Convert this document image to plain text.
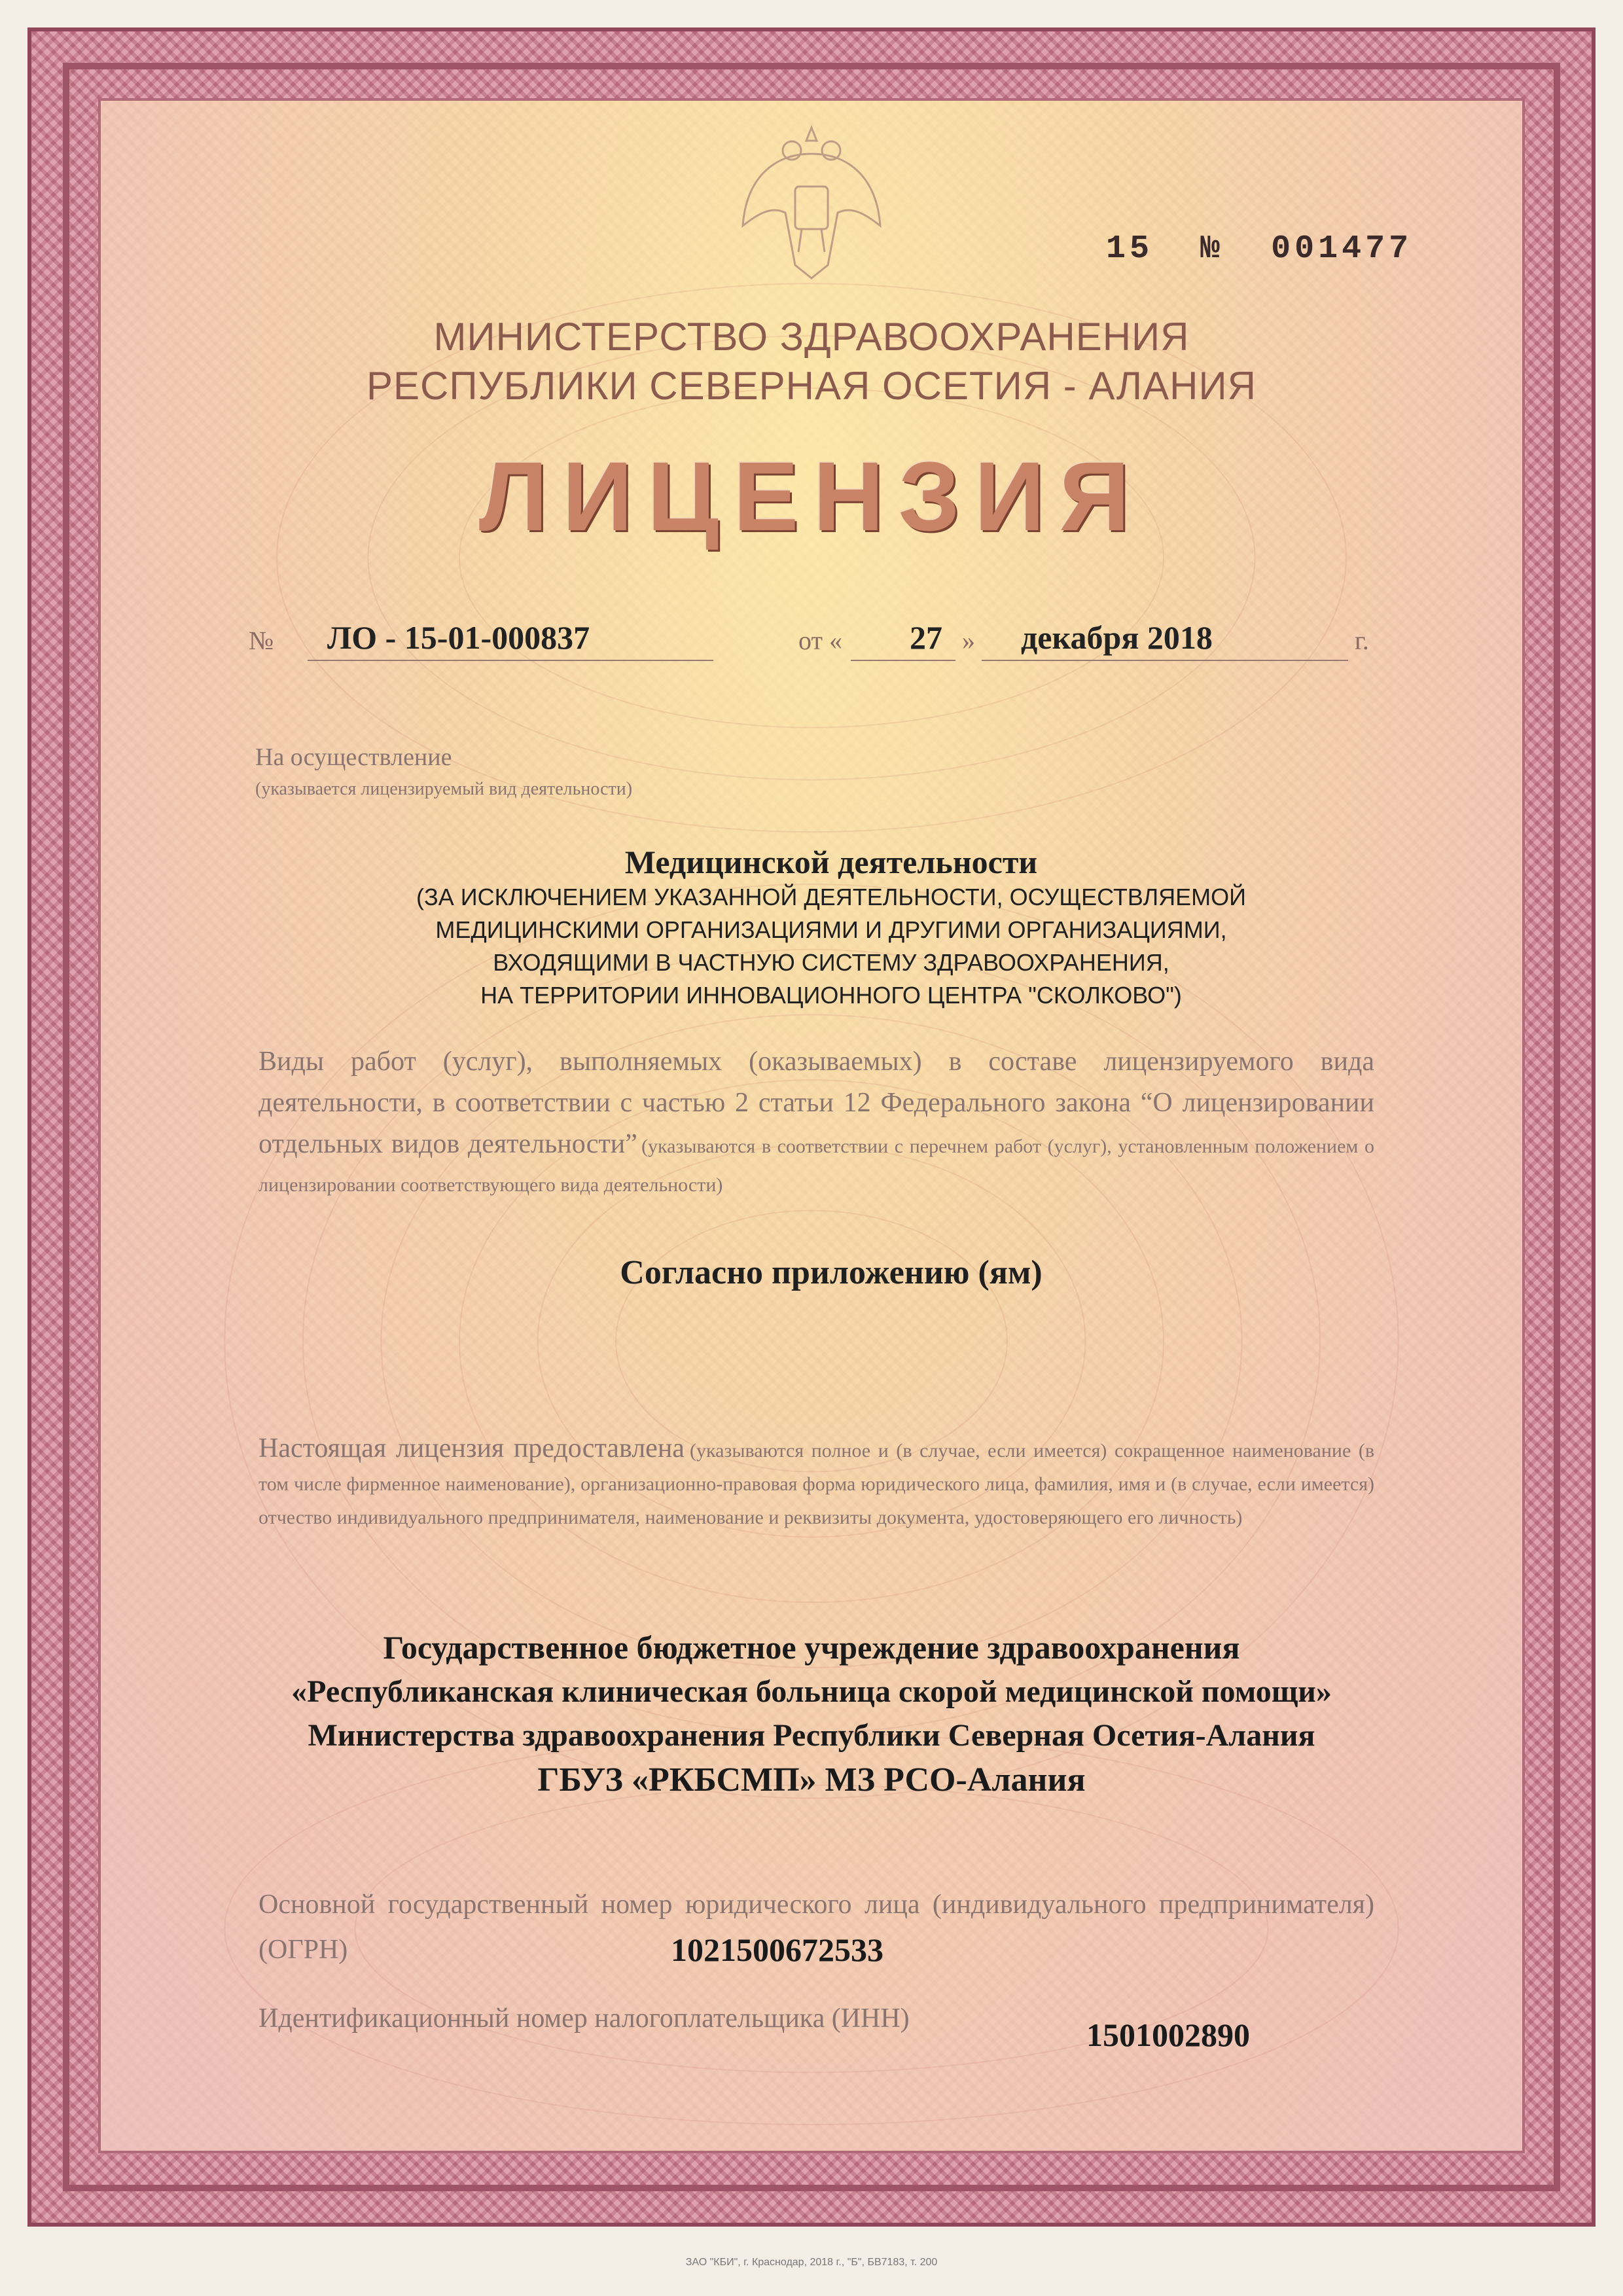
15 № 001477
МИНИСТЕРСТВО ЗДРАВООХРАНЕНИЯ
РЕСПУБЛИКИ СЕВЕРНАЯ ОСЕТИЯ - АЛАНИЯ
ЛИЦЕНЗИЯ
№ ЛО - 15-01-000837	от « 27 » декабря 2018	г.
На осуществление
(указывается лицензируемый вид деятельности)
Медицинской деятельности
(ЗА ИСКЛЮЧЕНИЕМ УКАЗАННОЙ ДЕЯТЕЛЬНОСТИ, ОСУЩЕСТВЛЯЕМОЙ
МЕДИЦИНСКИМИ ОРГАНИЗАЦИЯМИ И ДРУГИМИ ОРГАНИЗАЦИЯМИ,
ВХОДЯЩИМИ В ЧАСТНУЮ СИСТЕМУ ЗДРАВООХРАНЕНИЯ,
НА ТЕРРИТОРИИ ИННОВАЦИОННОГО ЦЕНТРА "СКОЛКОВО")
Виды работ (услуг), выполняемых (оказываемых) в составе лицензируемого вида деятельности, в соответствии с частью 2 статьи 12 Федерального закона “О лицензировании отдельных видов деятельности” (указываются в соответствии с перечнем работ (услуг), установленным положением о лицензировании соответствующего вида деятельности)
Согласно приложению (ям)
Настоящая лицензия предоставлена (указываются полное и (в случае, если имеется) сокращенное наименование (в том числе фирменное наименование), организационно-правовая форма юридического лица, фамилия, имя и (в случае, если имеется) отчество индивидуального предпринимателя, наименование и реквизиты документа, удостоверяющего его личность)
Государственное бюджетное учреждение здравоохранения
«Республиканская клиническая больница скорой медицинской помощи»
Министерства здравоохранения Республики Северная Осетия-Алания
ГБУЗ «РКБСМП» МЗ РСО-Алания
Основной государственный номер юридического лица (индивидуального предпринимателя) (ОГРН)	1021500672533
Идентификационный номер налогоплательщика (ИНН)	1501002890
ЗАО "КБИ", г. Краснодар, 2018 г., "Б", БВ7183, т. 200
